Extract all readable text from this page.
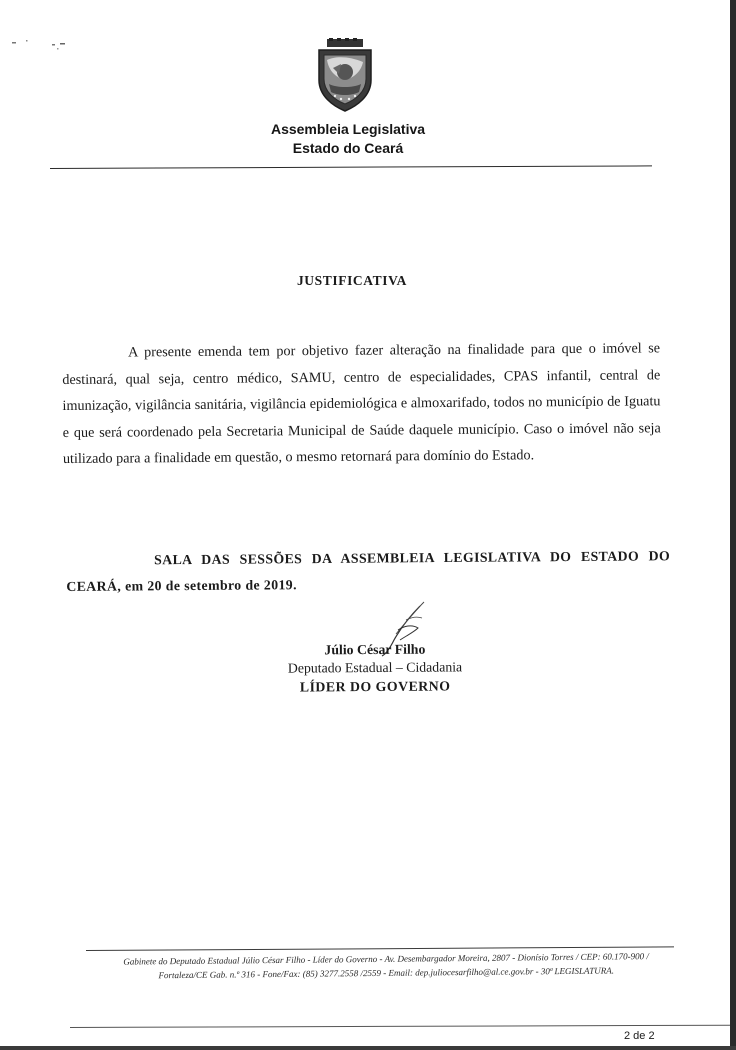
Assembleia Legislativa
Estado do Ceará
JUSTIFICATIVA

A presente emenda tem por objetivo fazer alteração na finalidade para que o imóvel se destinará, qual seja, centro médico, SAMU, centro de especialidades, CPAS infantil, central de imunização, vigilância sanitária, vigilância epidemiológica e almoxarifado, todos no município de Iguatu e que será coordenado pela Secretaria Municipal de Saúde daquele município. Caso o imóvel não seja utilizado para a finalidade em questão, o mesmo retornará para domínio do Estado.

SALA DAS SESSÕES DA ASSEMBLEIA LEGISLATIVA DO ESTADO DO CEARÁ, em 20 de setembro de 2019.

Júlio César Filho
Deputado Estadual – Cidadania
LÍDER DO GOVERNO
Gabinete do Deputado Estadual Júlio César Filho - Líder do Governo - Av. Desembargador Moreira, 2807 - Dionísio Torres / CEP: 60.170-900 /
Fortaleza/CE Gab. n.º 316 - Fone/Fax: (85) 3277.2558 /2559 - Email: dep.juliocesarfilho@al.ce.gov.br - 30ª LEGISLATURA.
2 de 2
